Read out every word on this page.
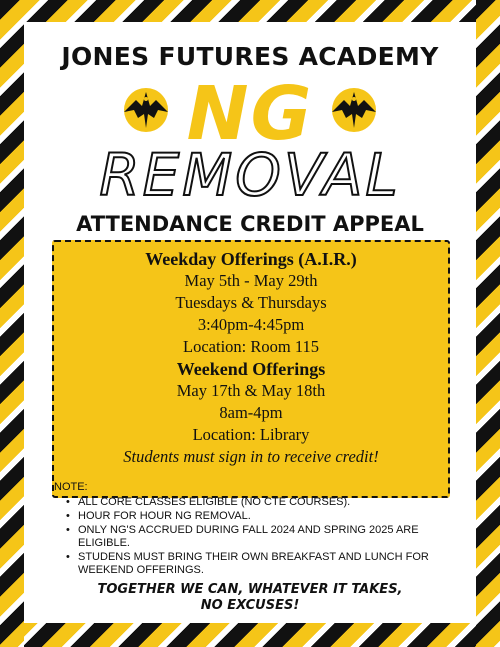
JONES FUTURES ACADEMY
NG
REMOVAL
ATTENDANCE CREDIT APPEAL
Weekday Offerings (A.I.R.)
May 5th - May 29th
Tuesdays & Thursdays
3:40pm-4:45pm
Location: Room 115
Weekend Offerings
May 17th & May 18th
8am-4pm
Location: Library
Students must sign in to receive credit!
NOTE:
• ALL CORE CLASSES ELIGIBLE (NO CTE COURSES).
• HOUR FOR HOUR NG REMOVAL.
• ONLY NG'S ACCRUED DURING FALL 2024 AND SPRING 2025 ARE ELIGIBLE.
• STUDENS MUST BRING THEIR OWN BREAKFAST AND LUNCH FOR WEEKEND OFFERINGS.
TOGETHER WE CAN, WHATEVER IT TAKES,
NO EXCUSES!
